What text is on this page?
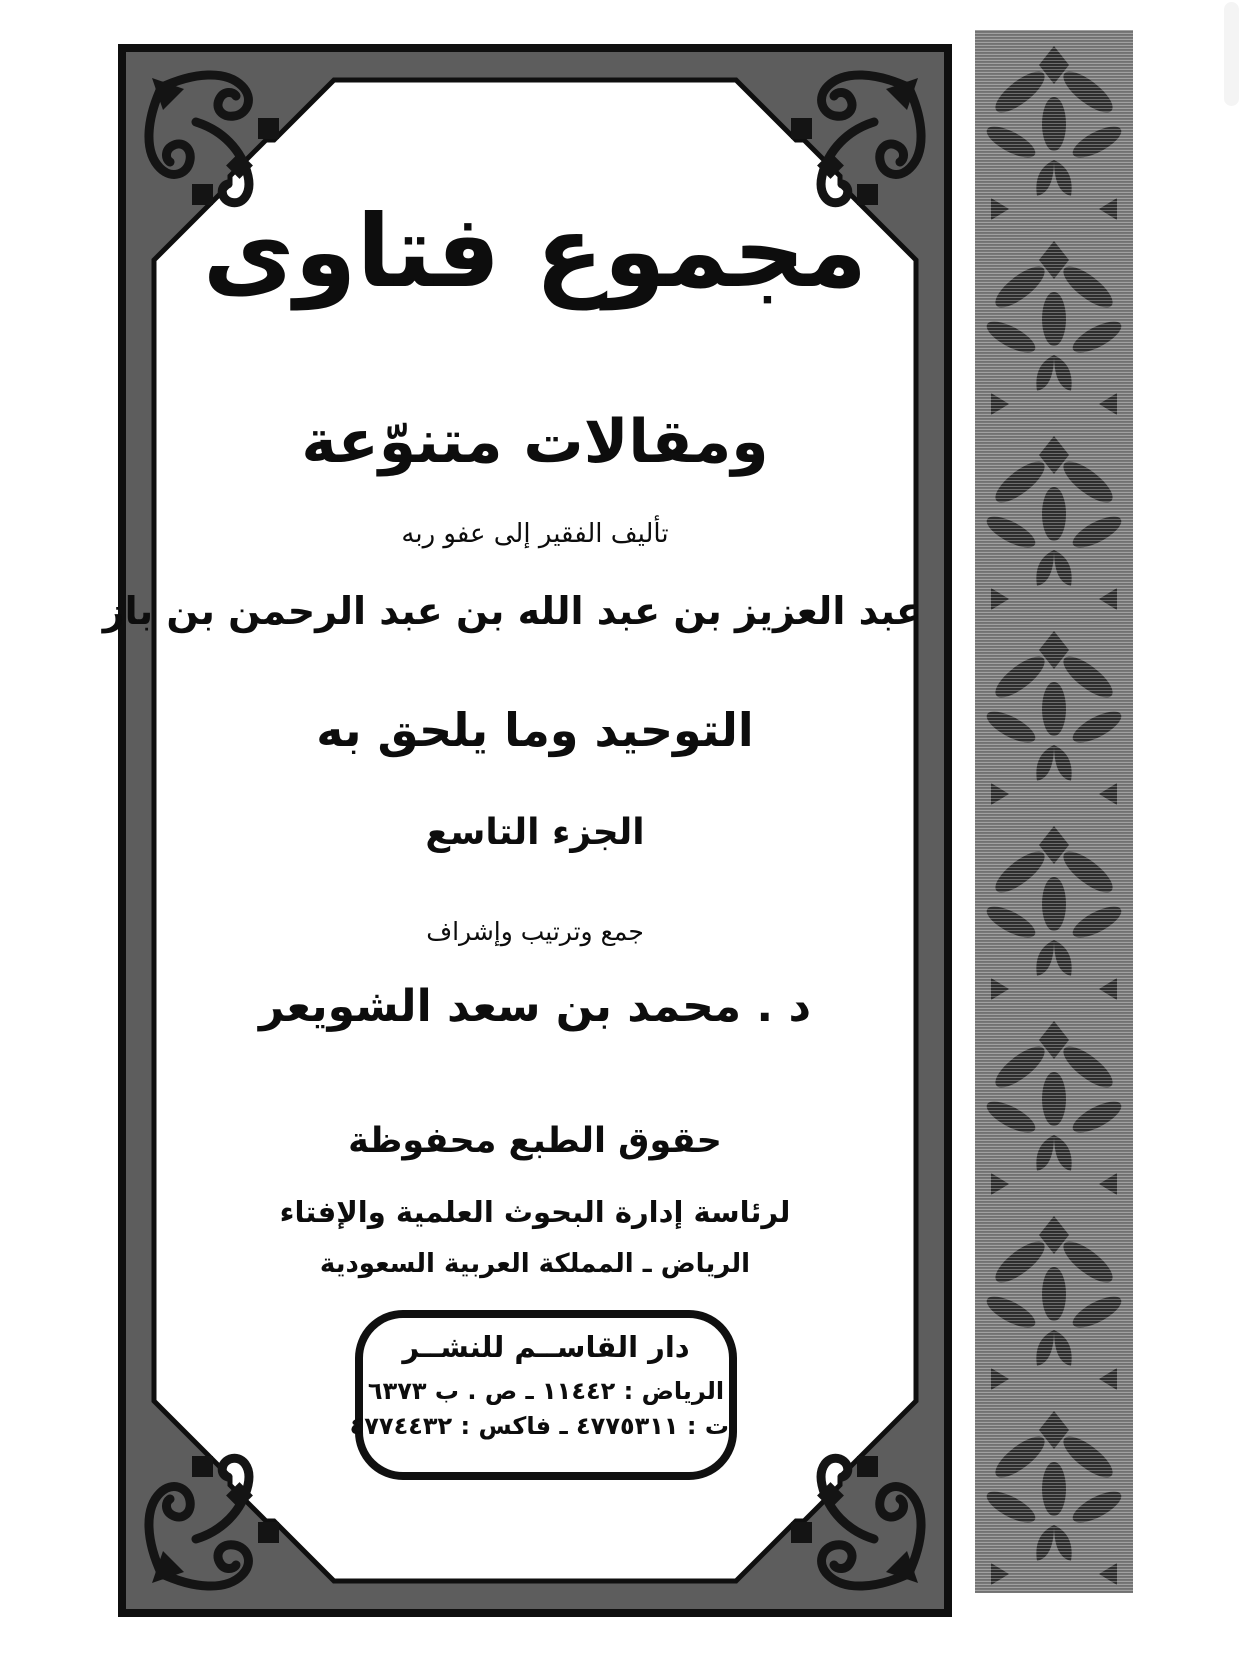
مجموع فتاوى
ومقالات متنوّعة
تأليف الفقير إلى عفو ربه
عبد العزيز بن عبد الله بن عبد الرحمن بن باز
التوحيد وما يلحق به
الجزء التاسع
جمع وترتيب وإشراف
د . محمد بن سعد الشويعر
حقوق الطبع محفوظة
لرئاسة إدارة البحوث العلمية والإفتاء
الرياض ـ المملكة العربية السعودية
دار القاســم للنشــر
الرياض : ١١٤٤٢ ـ ص . ب ٦٣٧٣
ت : ٤٧٧٥٣١١ ـ فاكس : ٤٧٧٤٤٣٢
